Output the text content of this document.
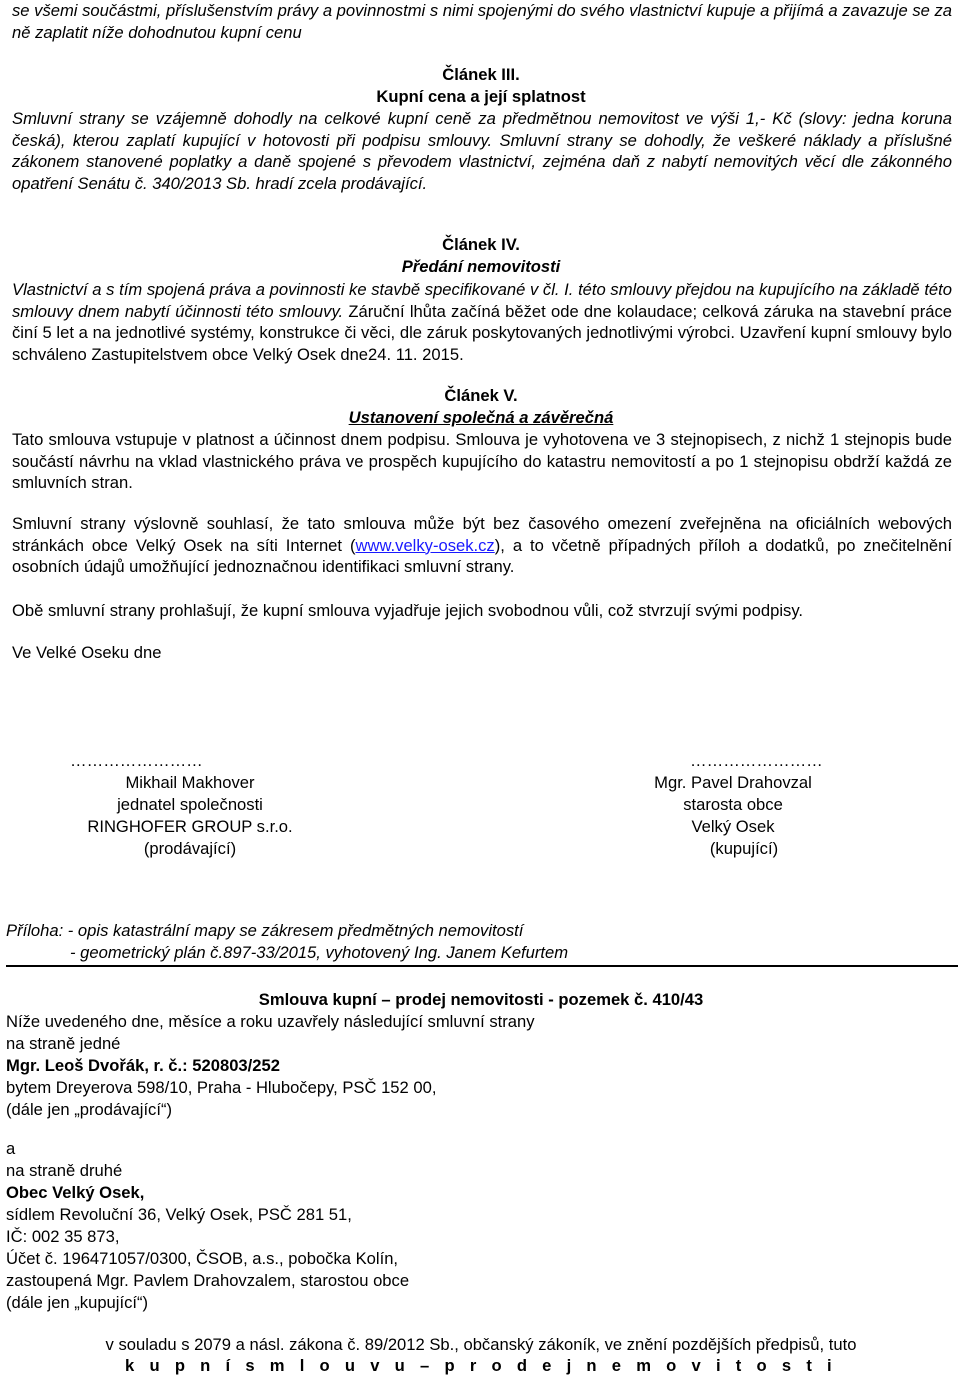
se všemi součástmi, příslušenstvím právy a povinnostmi s nimi spojenými do svého vlastnictví kupuje a přijímá a zavazuje se za ně zaplatit níže dohodnutou kupní cenu
Článek III.
Kupní cena a její splatnost
Smluvní strany se vzájemně dohodly na celkové kupní ceně za předmětnou nemovitost ve výši 1,- Kč (slovy: jedna koruna česká), kterou zaplatí kupující v hotovosti při podpisu smlouvy. Smluvní strany se dohodly, že veškeré náklady a příslušné zákonem stanovené poplatky a daně spojené s převodem vlastnictví, zejména daň z nabytí nemovitých věcí dle zákonného opatření Senátu č. 340/2013 Sb. hradí zcela prodávající.
Článek IV.
Předání nemovitosti
Vlastnictví a s tím spojená práva a povinnosti ke stavbě specifikované v čl. I. této smlouvy přejdou na kupujícího na základě této smlouvy dnem nabytí účinnosti této smlouvy. Záruční lhůta začíná běžet ode dne kolaudace; celková záruka na stavební práce činí 5 let a na jednotlivé systémy, konstrukce či věci, dle záruk poskytovaných jednotlivými výrobci. Uzavření kupní smlouvy bylo schváleno Zastupitelstvem obce Velký Osek dne24. 11. 2015.
Článek V.
Ustanovení společná a závěrečná
Tato smlouva vstupuje v platnost a účinnost dnem podpisu. Smlouva je vyhotovena ve 3 stejnopisech, z nichž 1 stejnopis bude součástí návrhu na vklad vlastnického práva ve prospěch kupujícího do katastru nemovitostí a po 1 stejnopisu obdrží každá ze smluvních stran.
Smluvní strany výslovně souhlasí, že tato smlouva může být bez časového omezení zveřejněna na oficiálních webových stránkách obce Velký Osek na síti Internet (www.velky-osek.cz), a to včetně případných příloh a dodatků, po znečitelnění osobních údajů umožňující jednoznačnou identifikaci smluvní strany.
Obě smluvní strany prohlašují, že kupní smlouva vyjadřuje jejich svobodnou vůli, což stvrzují svými podpisy.
Ve Velké Oseku dne
……………………
Mikhail Makhover
jednatel společnosti
RINGHOFER GROUP s.r.o.
(prodávající)
……………………
Mgr. Pavel Drahovzal
starosta obce
Velký Osek
(kupující)
Příloha: - opis katastrální mapy se zákresem předmětných nemovitostí
- geometrický plán č.897-33/2015, vyhotovený Ing. Janem Kefurtem
Smlouva kupní – prodej nemovitosti - pozemek č. 410/43
Níže uvedeného dne, měsíce a roku uzavřely následující smluvní strany
na straně jedné
Mgr. Leoš Dvořák, r. č.: 520803/252
bytem Dreyerova 598/10, Praha - Hlubočepy, PSČ 152 00,
(dále jen „prodávající“)
a
na straně druhé
Obec Velký Osek,
sídlem Revoluční 36, Velký Osek, PSČ 281 51,
IČ: 002 35 873,
Účet č. 196471057/0300, ČSOB, a.s., pobočka Kolín,
zastoupená Mgr. Pavlem Drahovzalem, starostou obce
(dále jen „kupující“)
v souladu s 2079 a násl. zákona č. 89/2012 Sb., občanský zákoník, ve znění pozdějších předpisů, tuto
k u p n í s m l o u v u – p r o d e j n e m o v i t o s t i
